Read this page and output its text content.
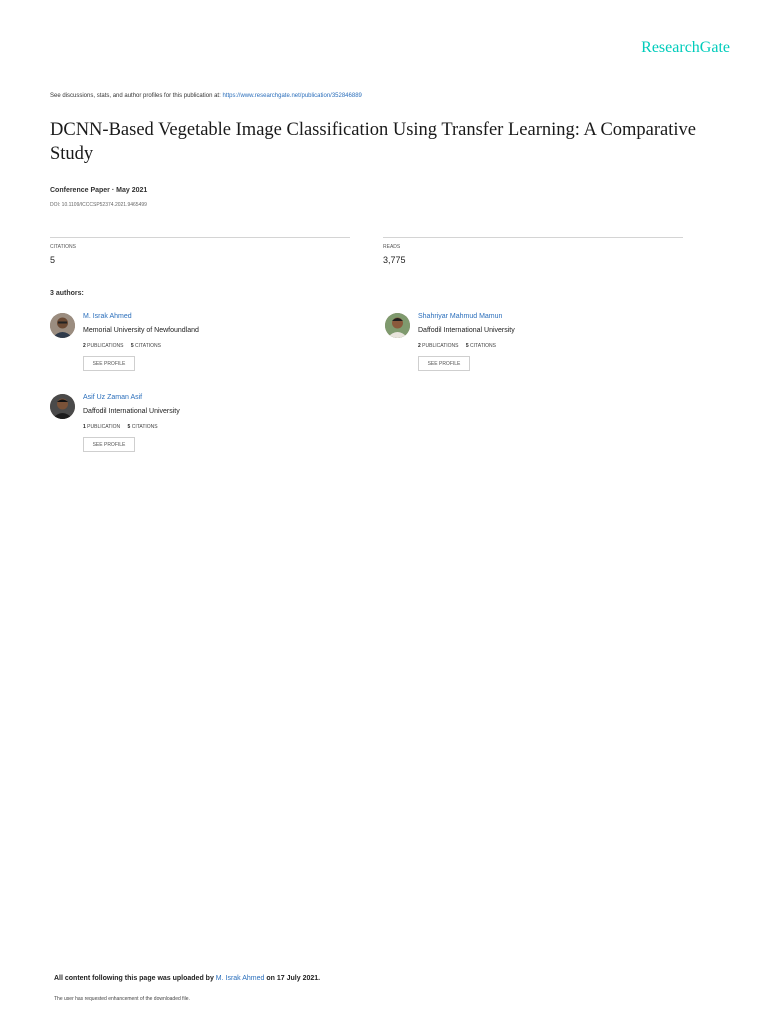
ResearchGate
See discussions, stats, and author profiles for this publication at: https://www.researchgate.net/publication/352846889
DCNN-Based Vegetable Image Classification Using Transfer Learning: A Comparative Study
Conference Paper · May 2021
DOI: 10.1109/ICCCSP52374.2021.9465499
CITATIONS
5
READS
3,775
3 authors:
M. Israk Ahmed
Memorial University of Newfoundland
2 PUBLICATIONS 5 CITATIONS
SEE PROFILE
Shahriyar Mahmud Mamun
Daffodil International University
2 PUBLICATIONS 5 CITATIONS
SEE PROFILE
Asif Uz Zaman Asif
Daffodil International University
1 PUBLICATION 5 CITATIONS
SEE PROFILE
All content following this page was uploaded by M. Israk Ahmed on 17 July 2021.
The user has requested enhancement of the downloaded file.
